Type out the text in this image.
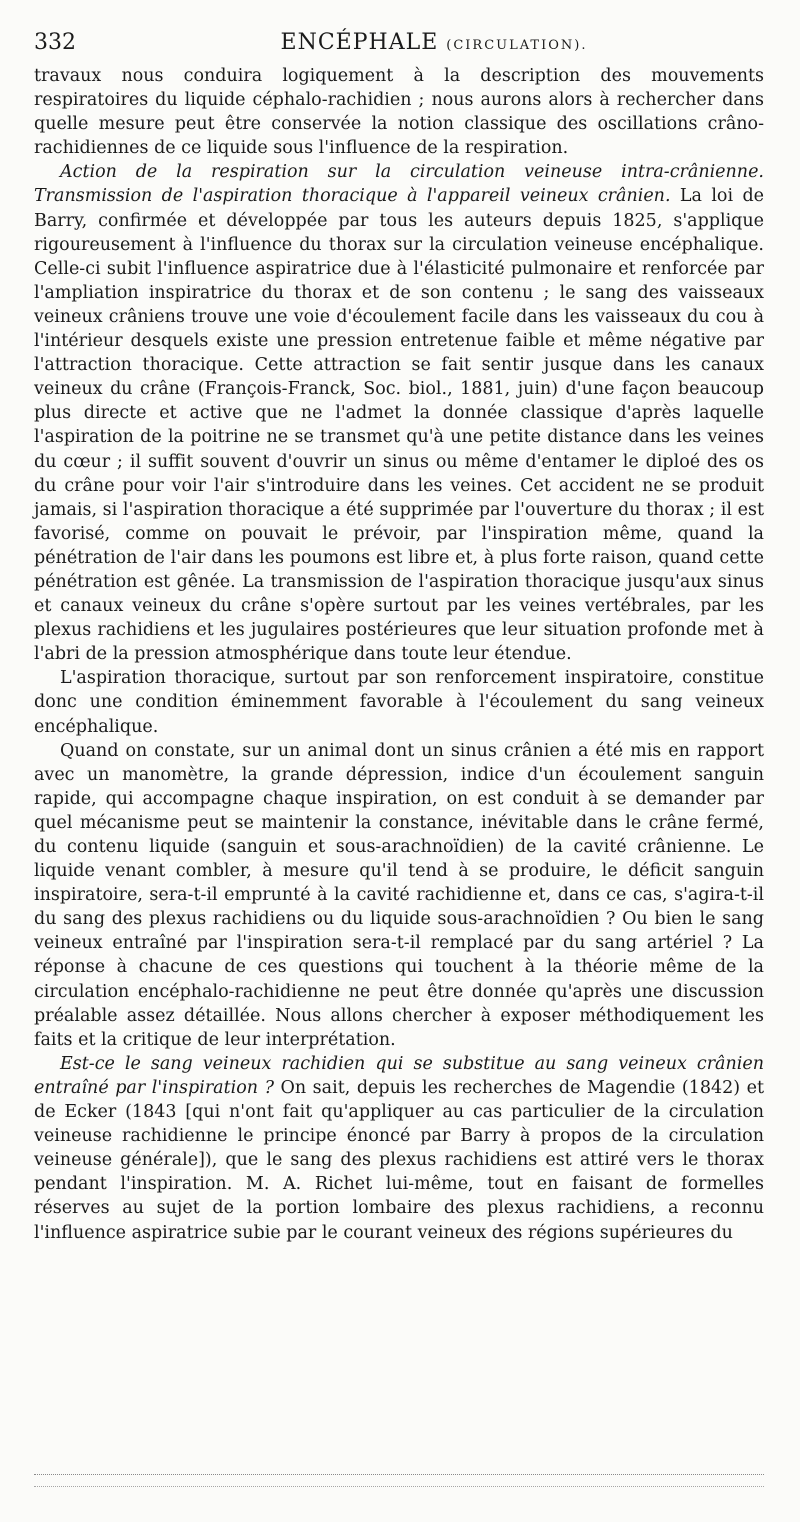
332	ENCÉPHALE (CIRCULATION).

travaux nous conduira logiquement à la description des mouvements respiratoires du liquide céphalo-rachidien ; nous aurons alors à rechercher dans quelle mesure peut être conservée la notion classique des oscillations crâno-rachidiennes de ce liquide sous l'influence de la respiration.

Action de la respiration sur la circulation veineuse intra-crânienne. Transmission de l'aspiration thoracique à l'appareil veineux crânien. La loi de Barry, confirmée et développée par tous les auteurs depuis 1825, s'applique rigoureusement à l'influence du thorax sur la circulation veineuse encéphalique. Celle-ci subit l'influence aspiratrice due à l'élasticité pulmonaire et renforcée par l'ampliation inspiratrice du thorax et de son contenu ; le sang des vaisseaux veineux crâniens trouve une voie d'écoulement facile dans les vaisseaux du cou à l'intérieur desquels existe une pression entretenue faible et même négative par l'attraction thoracique. Cette attraction se fait sentir jusque dans les canaux veineux du crâne (François-Franck, Soc. biol., 1881, juin) d'une façon beaucoup plus directe et active que ne l'admet la donnée classique d'après laquelle l'aspiration de la poitrine ne se transmet qu'à une petite distance dans les veines du cœur ; il suffit souvent d'ouvrir un sinus ou même d'entamer le diploé des os du crâne pour voir l'air s'introduire dans les veines. Cet accident ne se produit jamais, si l'aspiration thoracique a été supprimée par l'ouverture du thorax ; il est favorisé, comme on pouvait le prévoir, par l'inspiration même, quand la pénétration de l'air dans les poumons est libre et, à plus forte raison, quand cette pénétration est gênée. La transmission de l'aspiration thoracique jusqu'aux sinus et canaux veineux du crâne s'opère surtout par les veines vertébrales, par les plexus rachidiens et les jugulaires postérieures que leur situation profonde met à l'abri de la pression atmosphérique dans toute leur étendue.

L'aspiration thoracique, surtout par son renforcement inspiratoire, constitue donc une condition éminemment favorable à l'écoulement du sang veineux encéphalique.

Quand on constate, sur un animal dont un sinus crânien a été mis en rapport avec un manomètre, la grande dépression, indice d'un écoulement sanguin rapide, qui accompagne chaque inspiration, on est conduit à se demander par quel mécanisme peut se maintenir la constance, inévitable dans le crâne fermé, du contenu liquide (sanguin et sous-arachnoïdien) de la cavité crânienne. Le liquide venant combler, à mesure qu'il tend à se produire, le déficit sanguin inspiratoire, sera-t-il emprunté à la cavité rachidienne et, dans ce cas, s'agira-t-il du sang des plexus rachidiens ou du liquide sous-arachnoïdien ? Ou bien le sang veineux entraîné par l'inspiration sera-t-il remplacé par du sang artériel ? La réponse à chacune de ces questions qui touchent à la théorie même de la circulation encéphalo-rachidienne ne peut être donnée qu'après une discussion préalable assez détaillée. Nous allons chercher à exposer méthodiquement les faits et la critique de leur interprétation.

Est-ce le sang veineux rachidien qui se substitue au sang veineux crânien entraîné par l'inspiration ? On sait, depuis les recherches de Magendie (1842) et de Ecker (1843 [qui n'ont fait qu'appliquer au cas particulier de la circulation veineuse rachidienne le principe énoncé par Barry à propos de la circulation veineuse générale]), que le sang des plexus rachidiens est attiré vers le thorax pendant l'inspiration. M. A. Richet lui-même, tout en faisant de formelles réserves au sujet de la portion lombaire des plexus rachidiens, a reconnu l'influence aspiratrice subie par le courant veineux des régions supérieures du
